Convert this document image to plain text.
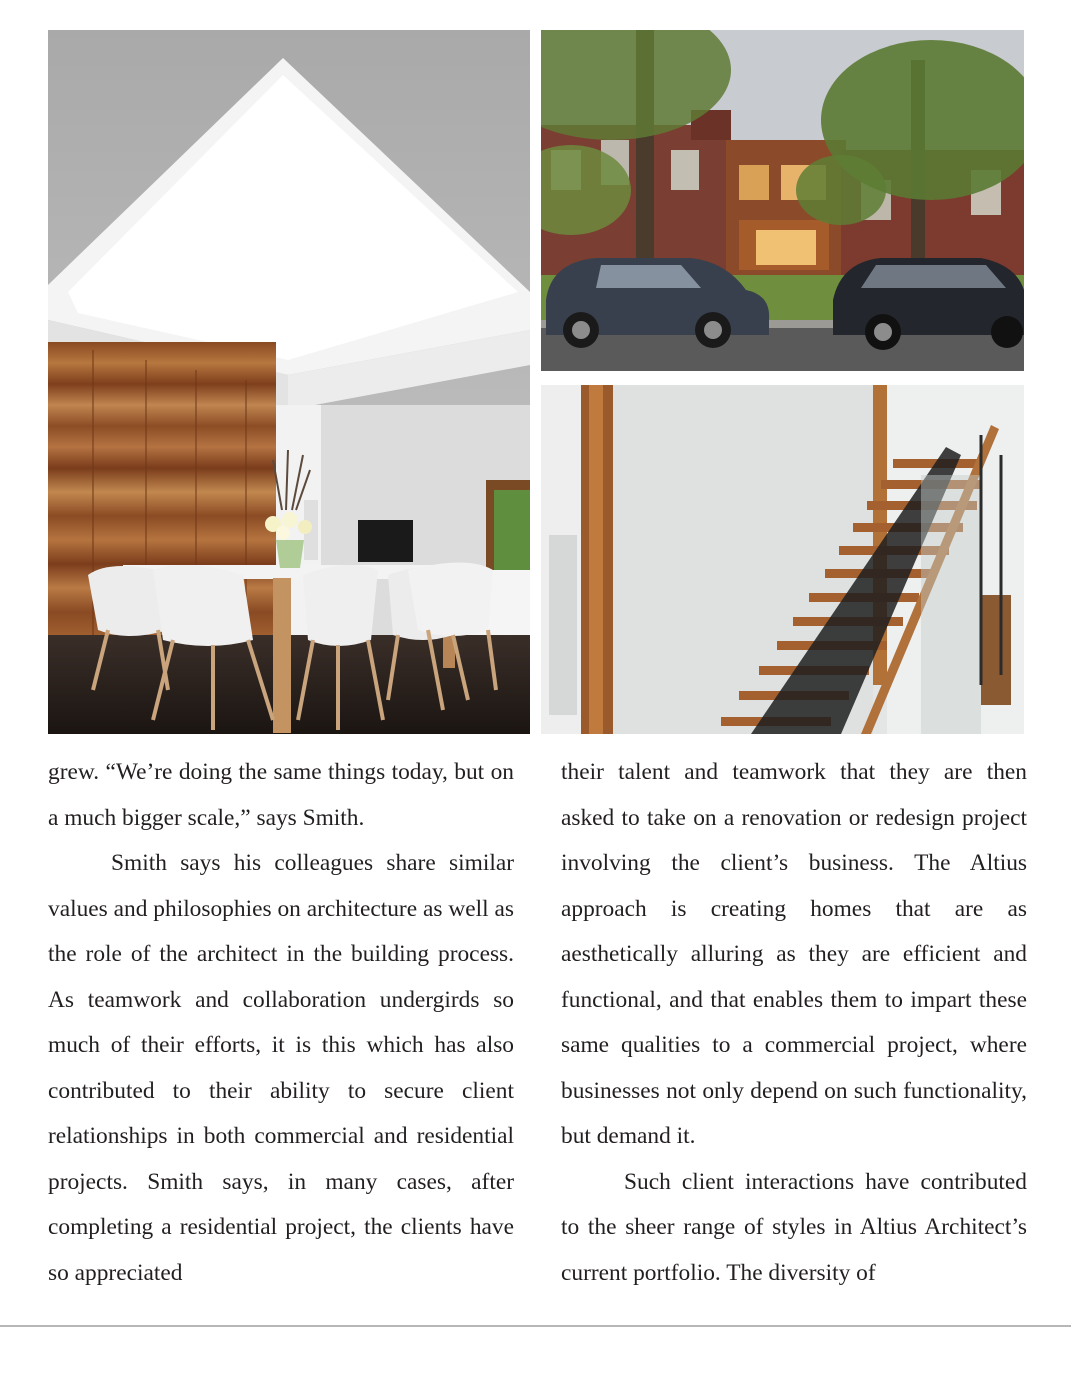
grew. “We’re doing the same things today, but on a much bigger scale,” says Smith.

Smith says his colleagues share similar values and philosophies on architecture as well as the role of the architect in the building process. As teamwork and collaboration undergirds so much of their efforts, it is this which has also contributed to their ability to secure client relationships in both commercial and residential projects. Smith says, in many cases, after completing a residential project, the clients have so appreciated

their talent and teamwork that they are then asked to take on a renovation or redesign project involving the client’s business. The Altius approach is creating homes that are as aesthetically alluring as they are efficient and functional, and that enables them to impart these same qualities to a commercial project, where businesses not only depend on such functionality, but demand it.

Such client interactions have contributed to the sheer range of styles in Altius Architect’s current portfolio. The diversity of
